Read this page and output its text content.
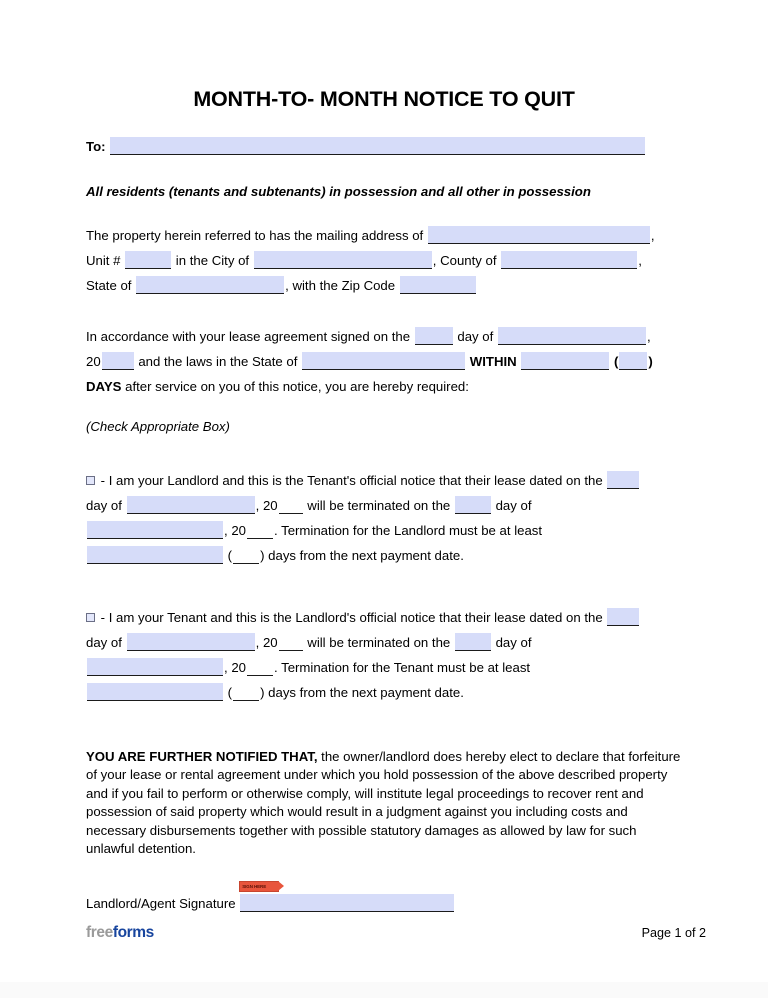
MONTH-TO- MONTH NOTICE TO QUIT
To:
All residents (tenants and subtenants) in possession and all other in possession
The property herein referred to has the mailing address of	,
Unit #	in the City of	, County of	,
State of	, with the Zip Code
In accordance with your lease agreement signed on the	day of	,
20	and the laws in the State of	WITHIN	( )
DAYS after service on you of this notice, you are hereby required:
(Check Appropriate Box)
- I am your Landlord and this is the Tenant's official notice that their lease dated on the
day of	, 20 will be terminated on the	day of
, 20 . Termination for the Landlord must be at least
( ) days from the next payment date.
- I am your Tenant and this is the Landlord's official notice that their lease dated on the
day of	, 20 will be terminated on the	day of
, 20 . Termination for the Tenant must be at least
( ) days from the next payment date.
YOU ARE FURTHER NOTIFIED THAT, the owner/landlord does hereby elect to declare that forfeiture of your lease or rental agreement under which you hold possession of the above described property and if you fail to perform or otherwise comply, will institute legal proceedings to recover rent and possession of said property which would result in a judgment against you including costs and necessary disbursements together with possible statutory damages as allowed by law for such unlawful detention.
Landlord/Agent Signature
SIGN HERE
freeforms	Page 1 of 2
